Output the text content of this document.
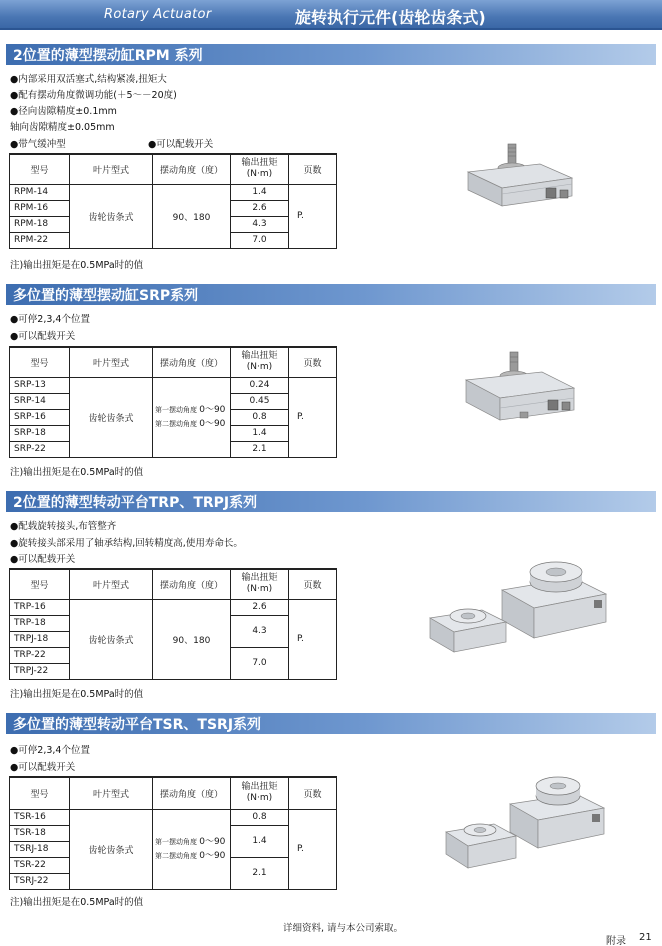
Rotary Actuator	旋转执行元件(齿轮齿条式)
2位置的薄型摆动缸RPM 系列
●内部采用双活塞式,结构紧凑,扭矩大
●配有摆动角度微调功能(＋5～－20度)
●径向齿隙精度±0.1mm
轴向齿隙精度±0.05mm
●带气缓冲型	●可以配载开关
型号	叶片型式	摆动角度（度）	输出扭矩
(N·m)	页数
RPM-14	齿轮齿条式	90、180	1.4	P.
RPM-16			2.6	
RPM-18			4.3	
RPM-22			7.0	
注)输出扭矩是在0.5MPa时的值
多位置的薄型摆动缸SRP系列
●可停2,3,4个位置
●可以配载开关
型号	叶片型式	摆动角度（度）	输出扭矩
(N·m)	页数
SRP-13	齿轮齿条式	第一摆动角度 0～90
第二摆动角度 0～90	0.24	P.
SRP-14			0.45	
SRP-16			0.8	
SRP-18			1.4	
SRP-22			2.1	
注)输出扭矩是在0.5MPa时的值
2位置的薄型转动平台TRP、TRPJ系列
●配载旋转接头,布管整齐
●旋转接头部采用了轴承结构,回转精度高,使用寿命长。
●可以配载开关
型号	叶片型式	摆动角度（度）	输出扭矩
(N·m)	页数
TRP-16	齿轮齿条式	90、180	2.6	P.
TRP-18			4.3	
TRPJ-18				
TRP-22			7.0	
TRPJ-22				
注)输出扭矩是在0.5MPa时的值
多位置的薄型转动平台TSR、TSRJ系列
●可停2,3,4个位置
●可以配载开关
型号	叶片型式	摆动角度（度）	输出扭矩
(N·m)	页数
TSR-16	齿轮齿条式	第一摆动角度 0～90
第二摆动角度 0～90	0.8	P.
TSR-18			1.4	
TSRJ-18				
TSR-22			2.1	
TSRJ-22				
注)输出扭矩是在0.5MPa时的值
详细资料, 请与本公司索取。
附录 21
